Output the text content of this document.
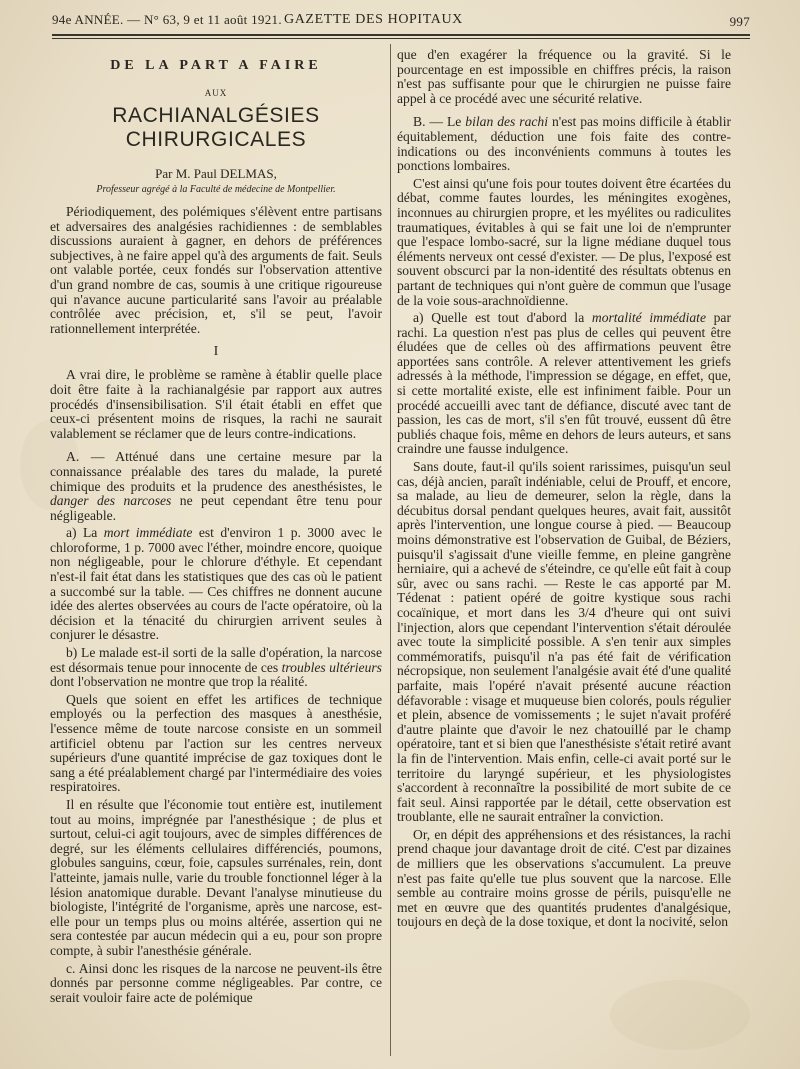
94e ANNÉE. — N° 63, 9 et 11 août 1921. GAZETTE DES HOPITAUX	997
DE LA PART A FAIRE
AUX
RACHIANALGÉSIES CHIRURGICALES
Par M. Paul DELMAS,
Professeur agrégé à la Faculté de médecine de Montpellier.

Périodiquement, des polémiques s'élèvent entre partisans et adversaires des analgésies rachidiennes : de semblables discussions auraient à gagner, en dehors de préférences subjectives, à ne faire appel qu'à des arguments de fait. Seuls ont valable portée, ceux fondés sur l'observation attentive d'un grand nombre de cas, soumis à une critique rigoureuse qui n'avance aucune particularité sans l'avoir au préalable contrôlée avec précision, et, s'il se peut, l'avoir rationnellement interprétée.

I

A vrai dire, le problème se ramène à établir quelle place doit être faite à la rachianalgésie par rapport aux autres procédés d'insensibilisation. S'il était établi en effet que ceux-ci présentent moins de risques, la rachi ne saurait valablement se réclamer que de leurs contre-indications.

A. — Atténué dans une certaine mesure par la connaissance préalable des tares du malade, la pureté chimique des produits et la prudence des anesthésistes, le danger des narcoses ne peut cependant être tenu pour négligeable.

a) La mort immédiate est d'environ 1 p. 3000 avec le chloroforme, 1 p. 7000 avec l'éther, moindre encore, quoique non négligeable, pour le chlorure d'éthyle. Et cependant n'est-il fait état dans les statistiques que des cas où le patient a succombé sur la table. — Ces chiffres ne donnent aucune idée des alertes observées au cours de l'acte opératoire, où la décision et la ténacité du chirurgien arrivent seules à conjurer le désastre.

b) Le malade est-il sorti de la salle d'opération, la narcose est désormais tenue pour innocente de ces troubles ultérieurs dont l'observation ne montre que trop la réalité.

Quels que soient en effet les artifices de technique employés ou la perfection des masques à anesthésie, l'essence même de toute narcose consiste en un sommeil artificiel obtenu par l'action sur les centres nerveux supérieurs d'une quantité imprécise de gaz toxiques dont le sang a été préalablement chargé par l'intermédiaire des voies respiratoires.

Il en résulte que l'économie tout entière est, inutilement tout au moins, imprégnée par l'anesthésique ; de plus et surtout, celui-ci agit toujours, avec de simples différences de degré, sur les éléments cellulaires différenciés, poumons, globules sanguins, cœur, foie, capsules surrénales, rein, dont l'atteinte, jamais nulle, varie du trouble fonctionnel léger à la lésion anatomique durable. Devant l'analyse minutieuse du biologiste, l'intégrité de l'organisme, après une narcose, est-elle pour un temps plus ou moins altérée, assertion qui ne sera contestée par aucun médecin qui a eu, pour son propre compte, à subir l'anesthésie générale.

c. Ainsi donc les risques de la narcose ne peuvent-ils être donnés par personne comme négligeables. Par contre, ce serait vouloir faire acte de polémique

que d'en exagérer la fréquence ou la gravité. Si le pourcentage en est impossible en chiffres précis, la raison n'est pas suffisante pour que le chirurgien ne puisse faire appel à ce procédé avec une sécurité relative.

B. — Le bilan des rachi n'est pas moins difficile à établir équitablement, déduction une fois faite des contre-indications ou des inconvénients communs à toutes les ponctions lombaires.

C'est ainsi qu'une fois pour toutes doivent être écartées du débat, comme fautes lourdes, les méningites exogènes, inconnues au chirurgien propre, et les myélites ou radiculites traumatiques, évitables à qui se fait une loi de n'emprunter que l'espace lombo-sacré, sur la ligne médiane duquel tous éléments nerveux ont cessé d'exister. — De plus, l'exposé est souvent obscurci par la non-identité des résultats obtenus en partant de techniques qui n'ont guère de commun que l'usage de la voie sous-arachnoïdienne.

a) Quelle est tout d'abord la mortalité immédiate par rachi. La question n'est pas plus de celles qui peuvent être éludées que de celles où des affirmations peuvent être apportées sans contrôle. A relever attentivement les griefs adressés à la méthode, l'impression se dégage, en effet, que, si cette mortalité existe, elle est infiniment faible. Pour un procédé accueilli avec tant de défiance, discuté avec tant de passion, les cas de mort, s'il s'en fût trouvé, eussent dû être publiés chaque fois, même en dehors de leurs auteurs, et sans craindre une fausse indulgence.

Sans doute, faut-il qu'ils soient rarissimes, puisqu'un seul cas, déjà ancien, paraît indéniable, celui de Prouff, et encore, sa malade, au lieu de demeurer, selon la règle, dans la décubitus dorsal pendant quelques heures, avait fait, aussitôt après l'intervention, une longue course à pied. — Beaucoup moins démonstrative est l'observation de Guibal, de Béziers, puisqu'il s'agissait d'une vieille femme, en pleine gangrène herniaire, qui a achevé de s'éteindre, ce qu'elle eût fait à coup sûr, avec ou sans rachi. — Reste le cas apporté par M. Tédenat : patient opéré de goitre kystique sous rachi cocaïnique, et mort dans les 3/4 d'heure qui ont suivi l'injection, alors que cependant l'intervention s'était déroulée avec toute la simplicité possible. A s'en tenir aux simples commémoratifs, puisqu'il n'a pas été fait de vérification nécropsique, non seulement l'analgésie avait été d'une qualité parfaite, mais l'opéré n'avait présenté aucune réaction défavorable : visage et muqueuse bien colorés, pouls régulier et plein, absence de vomissements ; le sujet n'avait proféré d'autre plainte que d'avoir le nez chatouillé par le champ opératoire, tant et si bien que l'anesthésiste s'était retiré avant la fin de l'intervention. Mais enfin, celle-ci avait porté sur le territoire du laryngé supérieur, et les physiologistes s'accordent à reconnaître la possibilité de mort subite de ce fait seul. Ainsi rapportée par le détail, cette observation est troublante, elle ne saurait entraîner la conviction.

Or, en dépit des appréhensions et des résistances, la rachi prend chaque jour davantage droit de cité. C'est par dizaines de milliers que les observations s'accumulent. La preuve n'est pas faite qu'elle tue plus souvent que la narcose. Elle semble au contraire moins grosse de périls, puisqu'elle ne met en œuvre que des quantités prudentes d'analgésique, toujours en deçà de la dose toxique, et dont la nocivité, selon
